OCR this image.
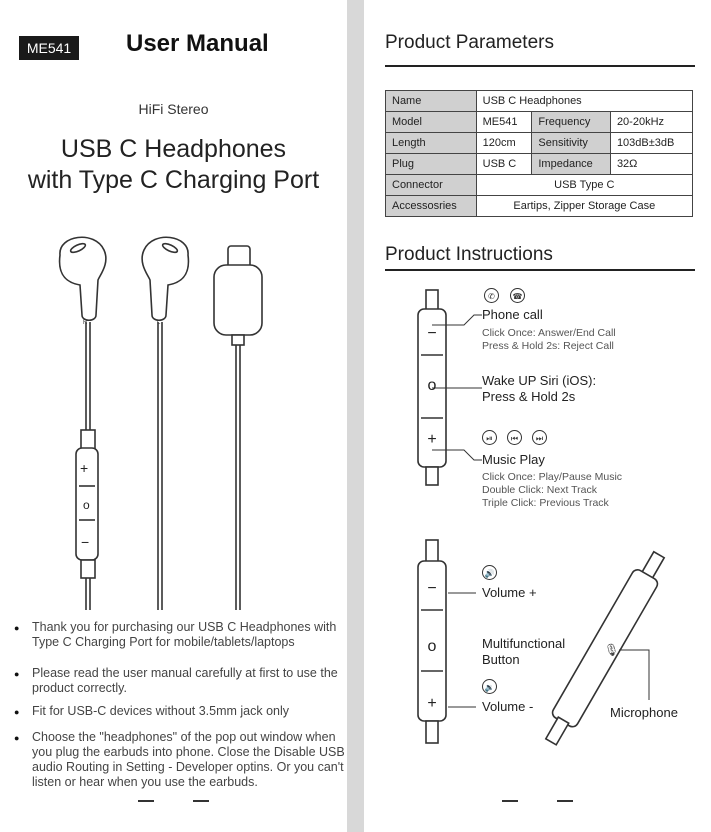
ME541	User Manual
HiFi Stereo
USB C Headphones
with Type C Charging Port
R	L
+
o
−
● Thank you for purchasing our USB C Headphones with Type C Charging Port for mobile/tablets/laptops
● Please read the user manual carefully at first to use the product correctly.
● Fit for USB-C devices without 3.5mm jack only
● Choose the "headphones" of the pop out window when you plug the earbuds into phone. Close the Disable USB audio Routing in Setting - Developer optins. Or you can't listen or hear when you use the earbuds.
Product Parameters
Name	USB C Headphones		
Model	ME541	Frequency	20-20kHz
Length	120cm	Sensitivity	103dB±3dB
Plug	USB C	Impedance	32Ω
Connector	USB Type C		
Accessosries	Eartips, Zipper Storage Case		
Product Instructions
−
o
+
✆	☎
Phone call
Click Once: Answer/End Call
Press & Hold 2s: Reject Call
Wake UP Siri (iOS):
Press & Hold 2s
⏯	⏮	⏭
Music Play
Click Once: Play/Pause Music
Double Click: Next Track
Triple Click: Previous Track
−
o
+
🔊
Volume +
Multifunctional
Button
🔉
Volume -
🎙
Microphone
